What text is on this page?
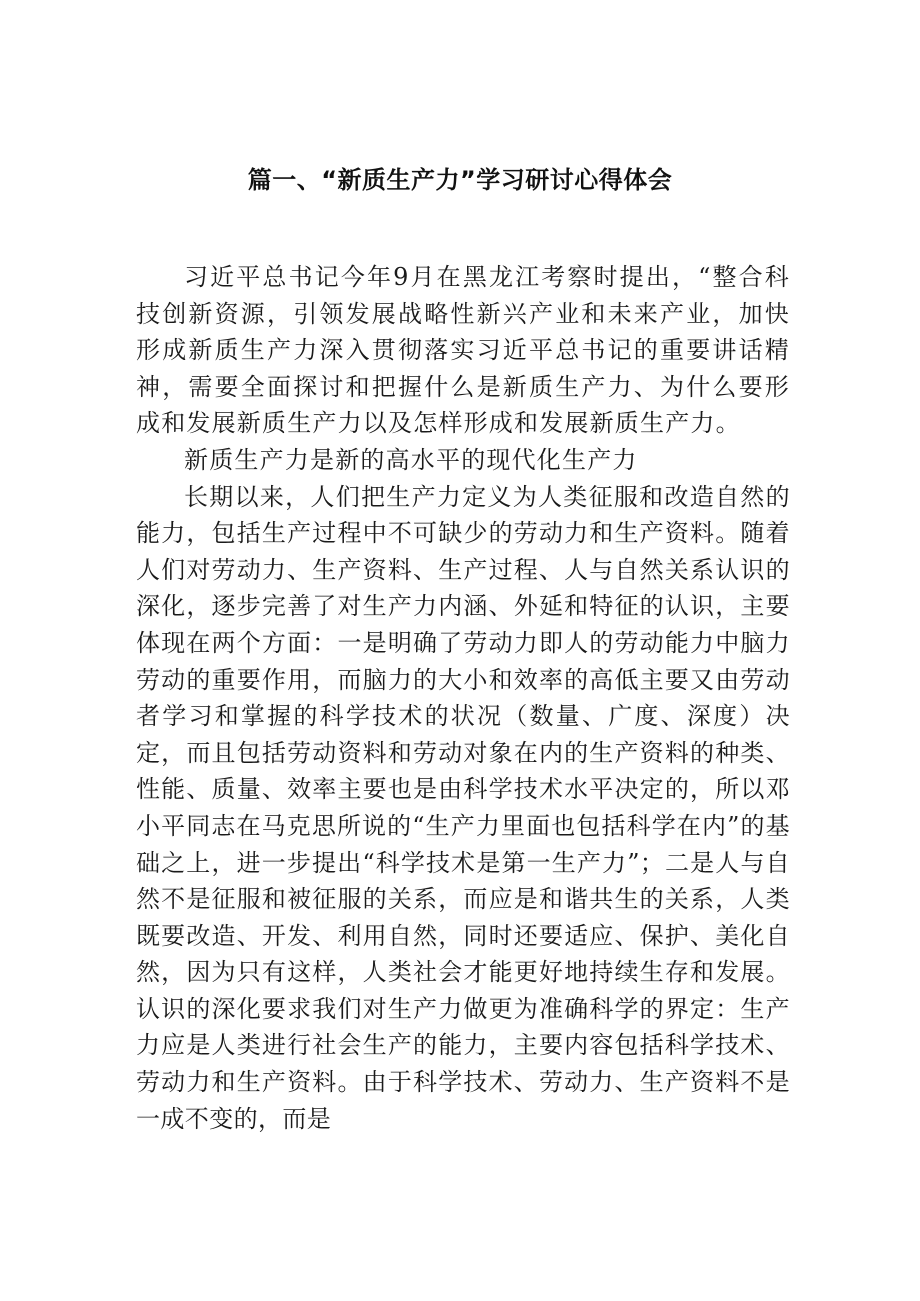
篇一、“新质生产力”学习研讨心得体会

习近平总书记今年9月在黑龙江考察时提出，“整合科技创新资源，引领发展战略性新兴产业和未来产业，加快形成新质生产力深入贯彻落实习近平总书记的重要讲话精神，需要全面探讨和把握什么是新质生产力、为什么要形成和发展新质生产力以及怎样形成和发展新质生产力。

新质生产力是新的高水平的现代化生产力

长期以来，人们把生产力定义为人类征服和改造自然的能力，包括生产过程中不可缺少的劳动力和生产资料。随着人们对劳动力、生产资料、生产过程、人与自然关系认识的深化，逐步完善了对生产力内涵、外延和特征的认识，主要体现在两个方面：一是明确了劳动力即人的劳动能力中脑力劳动的重要作用，而脑力的大小和效率的高低主要又由劳动者学习和掌握的科学技术的状况（数量、广度、深度）决定，而且包括劳动资料和劳动对象在内的生产资料的种类、性能、质量、效率主要也是由科学技术水平决定的，所以邓小平同志在马克思所说的“生产力里面也包括科学在内”的基础之上，进一步提出“科学技术是第一生产力”；二是人与自然不是征服和被征服的关系，而应是和谐共生的关系，人类既要改造、开发、利用自然，同时还要适应、保护、美化自然，因为只有这样，人类社会才能更好地持续生存和发展。认识的深化要求我们对生产力做更为准确科学的界定：生产力应是人类进行社会生产的能力，主要内容包括科学技术、劳动力和生产资料。由于科学技术、劳动力、生产资料不是一成不变的，而是
